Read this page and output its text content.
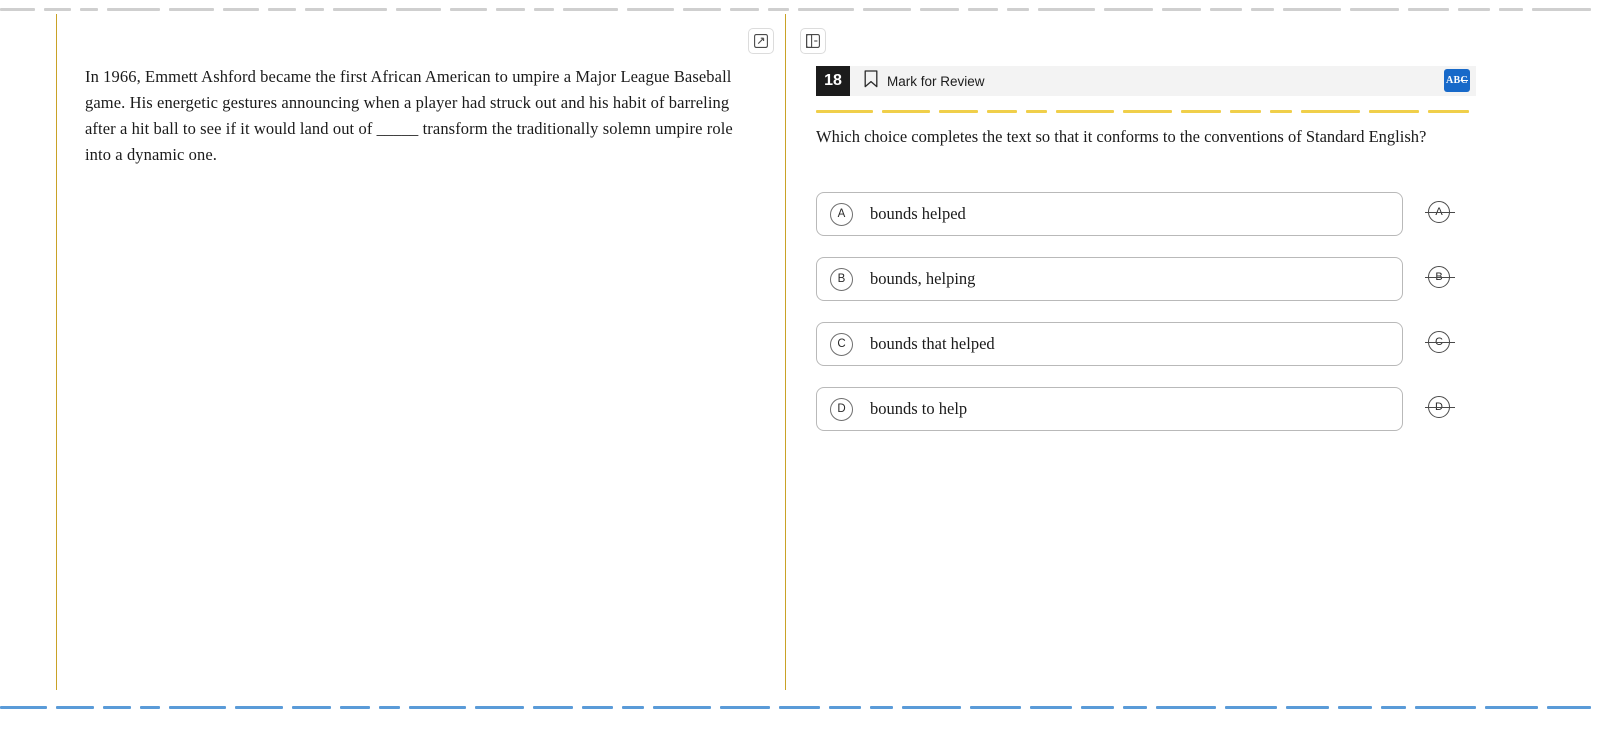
In 1966, Emmett Ashford became the first African American to umpire a Major League Baseball game. His energetic gestures announcing when a player had struck out and his habit of barreling after a hit ball to see if it would land out of _____ transform the traditionally solemn umpire role into a dynamic one.
18	Mark for Review	AB C
Which choice completes the text so that it conforms to the conventions of Standard English?
A	bounds helped
B	bounds, helping
C	bounds that helped
D	bounds to help
